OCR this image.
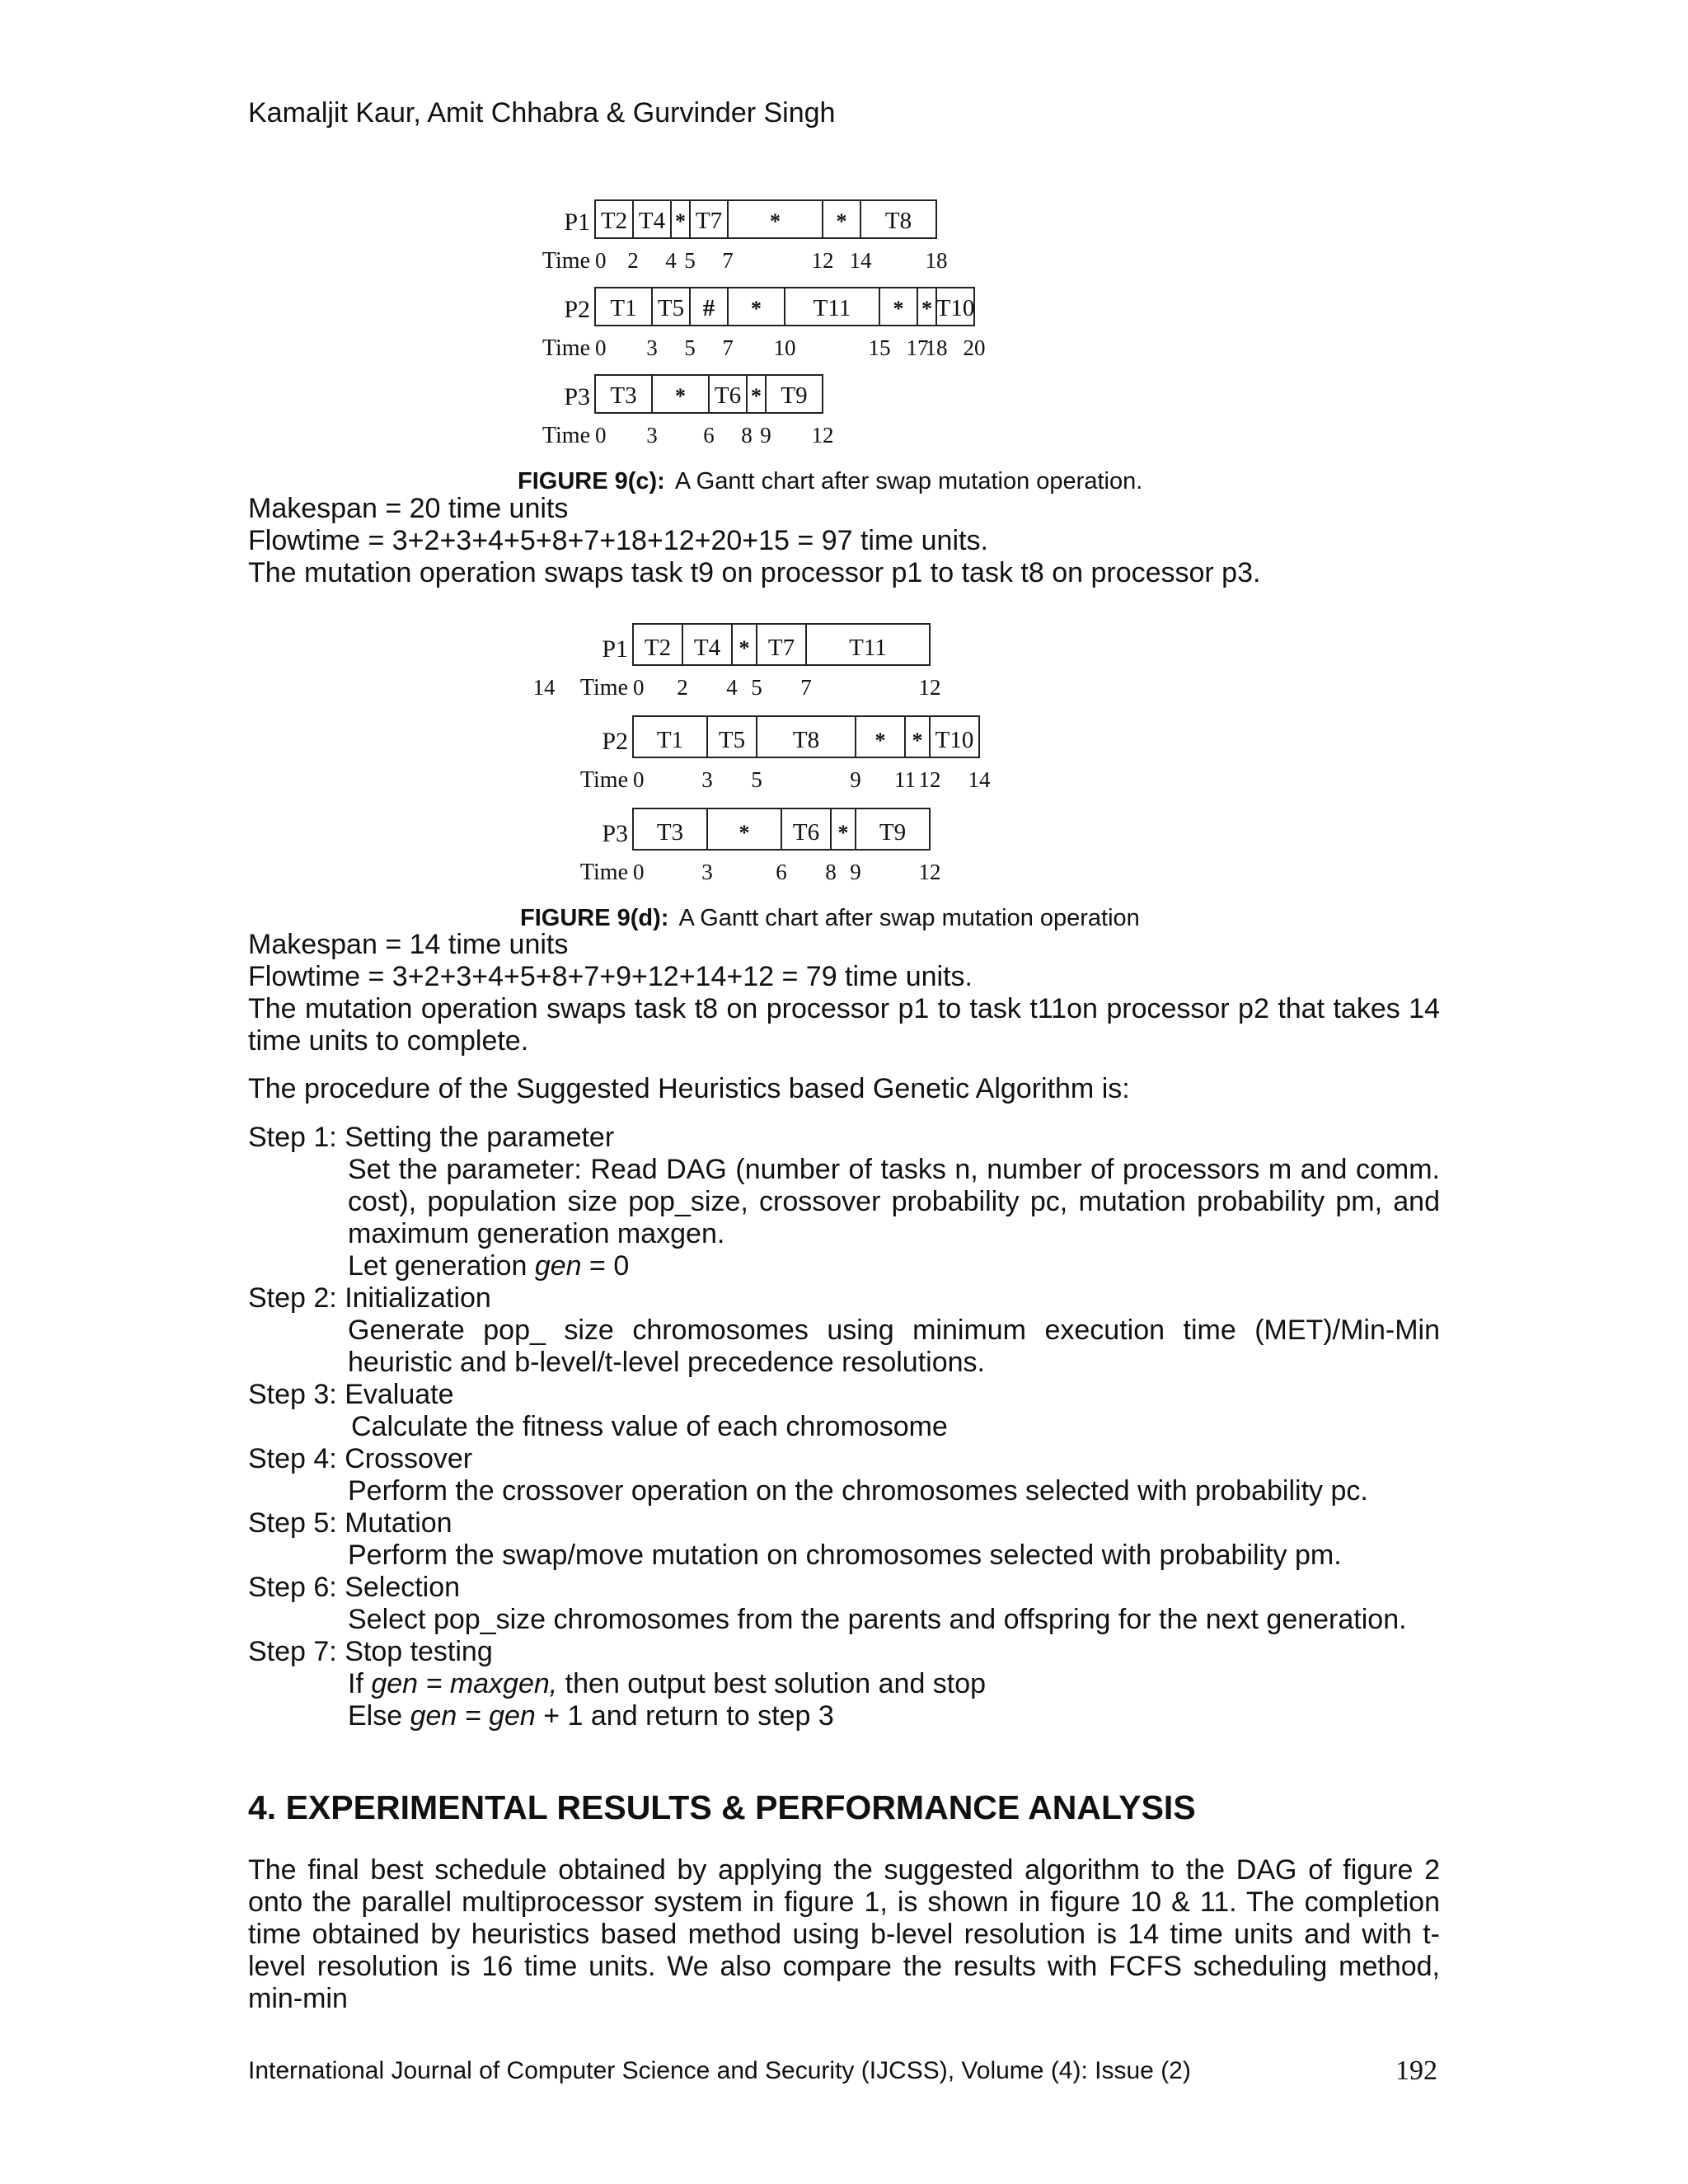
Kamaljit Kaur, Amit Chhabra & Gurvinder Singh
P1 T2 T4 * T7 *	* T8
Time 0 2 4 5 7	12 14 18
P2 T1 T5 # * T11 * * T10
Time 0 3 5 7 10	15 17
18 20
P3 T3 * T6 * T9
Time 0 3 6 8 9 12
FIGURE 9(c): A Gantt chart after swap mutation operation.

Makespan = 20 time units

Flowtime = 3+2+3+4+5+8+7+18+12+20+15 = 97 time units.

The mutation operation swaps task t9 on processor p1 to task t8 on processor p3.

P1 T2 T4 * T7 T11
Time 0 2 4 5 7	12
14
P2 T1 T5 T8	* * T10
Time 0	3 5	9 11 12 14
P3 T3	* T6 * T9
Time 0	3	6 8 9	12
FIGURE 9(d): A Gantt chart after swap mutation operation

Makespan = 14 time units

Flowtime = 3+2+3+4+5+8+7+9+12+14+12 = 79 time units.

The mutation operation swaps task t8 on processor p1 to task t11on processor p2 that takes 14 time units to complete.

The procedure of the Suggested Heuristics based Genetic Algorithm is:

Step 1: Setting the parameter

Set the parameter: Read DAG (number of tasks n, number of processors m and comm. cost), population size pop_size, crossover probability pc, mutation probability pm, and maximum generation maxgen.

Let generation gen = 0

Step 2: Initialization

Generate pop_ size chromosomes using minimum execution time (MET)/Min-Min heuristic and b-level/t-level precedence resolutions.

Step 3: Evaluate

Calculate the fitness value of each chromosome

Step 4: Crossover

Perform the crossover operation on the chromosomes selected with probability pc.

Step 5: Mutation

Perform the swap/move mutation on chromosomes selected with probability pm.

Step 6: Selection

Select pop_size chromosomes from the parents and offspring for the next generation.

Step 7: Stop testing

If gen = maxgen, then output best solution and stop

Else gen = gen + 1 and return to step 3

4. EXPERIMENTAL RESULTS & PERFORMANCE ANALYSIS

The final best schedule obtained by applying the suggested algorithm to the DAG of figure 2 onto the parallel multiprocessor system in figure 1, is shown in figure 10 & 11. The completion time obtained by heuristics based method using b-level resolution is 14 time units and with t-level resolution is 16 time units. We also compare the results with FCFS scheduling method, min-min

International Journal of Computer Science and Security (IJCSS), Volume (4): Issue (2)	192
